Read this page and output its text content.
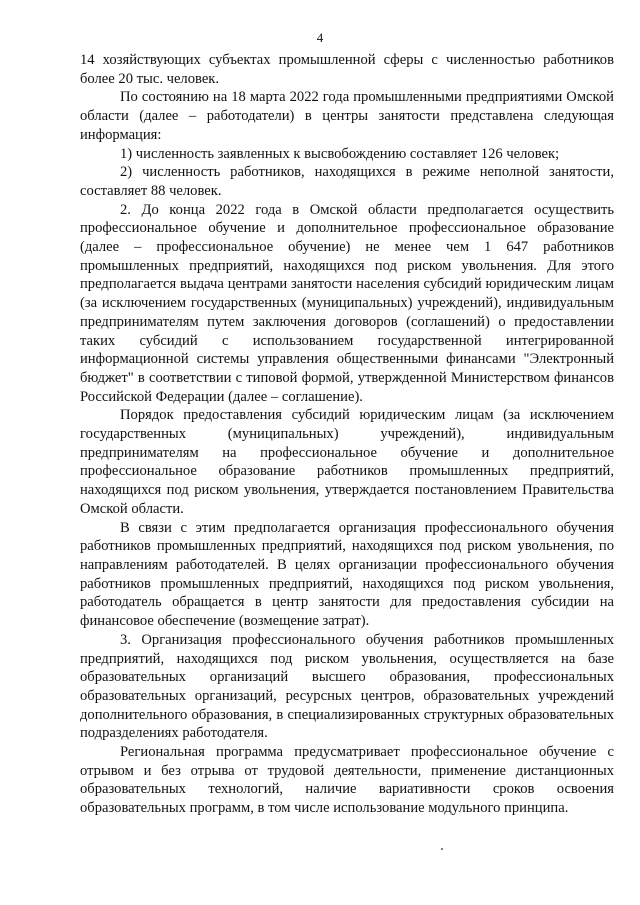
4

14 хозяйствующих субъектах промышленной сферы с численностью работников более 20 тыс. человек.

По состоянию на 18 марта 2022 года промышленными предприятиями Омской области (далее – работодатели) в центры занятости представлена следующая информация:

1) численность заявленных к высвобождению составляет 126 человек;

2) численность работников, находящихся в режиме неполной занятости, составляет 88 человек.

2. До конца 2022 года в Омской области предполагается осуществить профессиональное обучение и дополнительное профессиональное образование (далее – профессиональное обучение) не менее чем 1 647 работников промышленных предприятий, находящихся под риском увольнения. Для этого предполагается выдача центрами занятости населения субсидий юридическим лицам (за исключением государственных (муниципальных) учреждений), индивидуальным предпринимателям путем заключения договоров (соглашений) о предоставлении таких субсидий с использованием государственной интегрированной информационной системы управления общественными финансами "Электронный бюджет" в соответствии с типовой формой, утвержденной Министерством финансов Российской Федерации (далее – соглашение).

Порядок предоставления субсидий юридическим лицам (за исключением государственных (муниципальных) учреждений), индивидуальным предпринимателям на профессиональное обучение и дополнительное профессиональное образование работников промышленных предприятий, находящихся под риском увольнения, утверждается постановлением Правительства Омской области.

В связи с этим предполагается организация профессионального обучения работников промышленных предприятий, находящихся под риском увольнения, по направлениям работодателей. В целях организации профессионального обучения работников промышленных предприятий, находящихся под риском увольнения, работодатель обращается в центр занятости для предоставления субсидии на финансовое обеспечение (возмещение затрат).

3. Организация профессионального обучения работников промышленных предприятий, находящихся под риском увольнения, осуществляется на базе образовательных организаций высшего образования, профессиональных образовательных организаций, ресурсных центров, образовательных учреждений дополнительного образования, в специализированных структурных образовательных подразделениях работодателя.

Региональная программа предусматривает профессиональное обучение с отрывом и без отрыва от трудовой деятельности, применение дистанционных образовательных технологий, наличие вариативности сроков освоения образовательных программ, в том числе использование модульного принципа.
